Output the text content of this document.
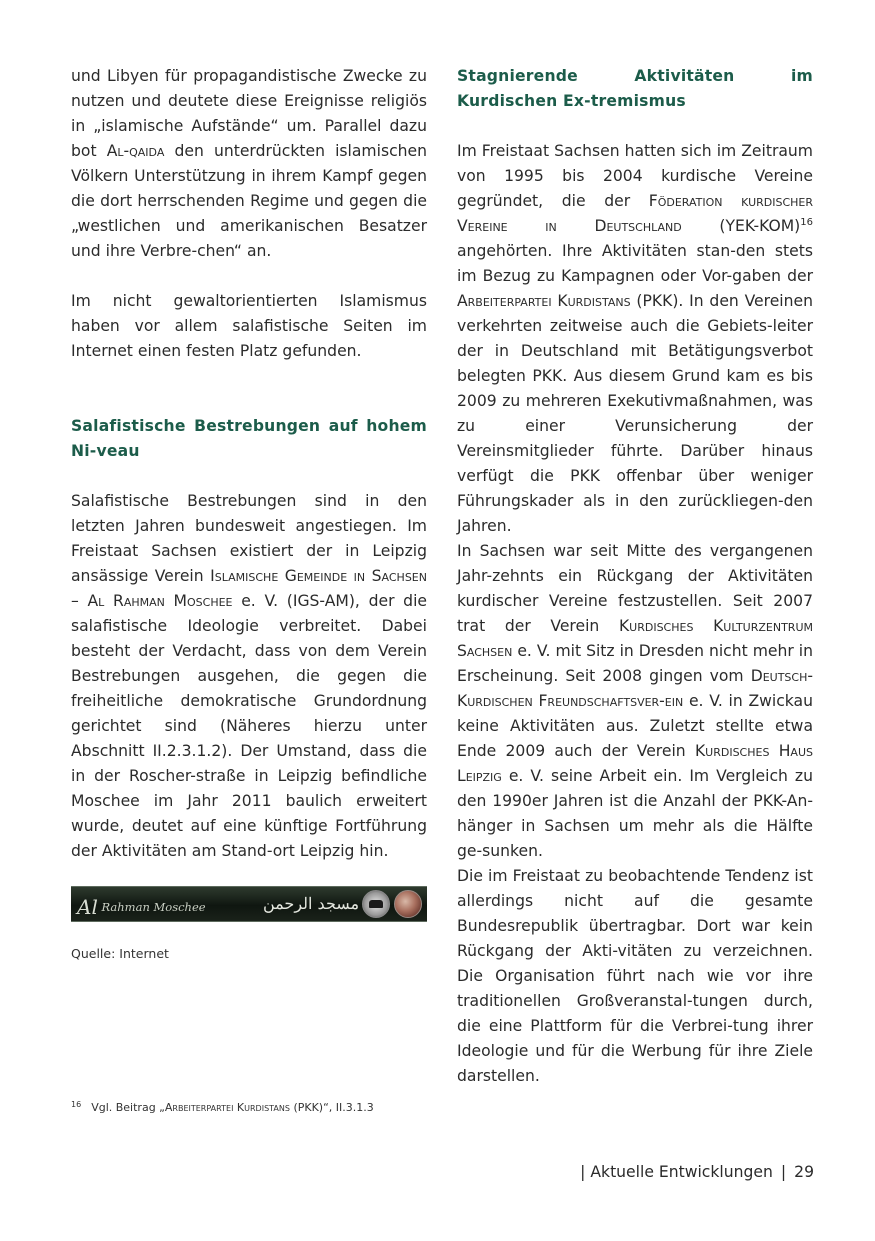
und Libyen für propagandistische Zwecke zu nutzen und deutete diese Ereignisse religiös in „islamische Aufstände“ um. Parallel dazu bot Al-qaida den unterdrückten islamischen Völkern Unterstützung in ihrem Kampf gegen die dort herrschenden Regime und gegen die „westlichen und amerikanischen Besatzer und ihre Verbre-chen“ an.

Im nicht gewaltorientierten Islamismus haben vor allem salafistische Seiten im Internet einen festen Platz gefunden.

Salafistische Bestrebungen auf hohem Ni-veau

Salafistische Bestrebungen sind in den letzten Jahren bundesweit angestiegen. Im Freistaat Sachsen existiert der in Leipzig ansässige Verein Islamische Gemeinde in Sachsen – Al Rahman Moschee e. V. (IGS-AM), der die salafistische Ideologie verbreitet. Dabei besteht der Verdacht, dass von dem Verein Bestrebungen ausgehen, die gegen die freiheitliche demokratische Grundordnung gerichtet sind (Näheres hierzu unter Abschnitt II.2.3.1.2). Der Umstand, dass die in der Roscher-straße in Leipzig befindliche Moschee im Jahr 2011 baulich erweitert wurde, deutet auf eine künftige Fortführung der Aktivitäten am Stand-ort Leipzig hin.

Al Rahman Moschee	مسجد الرحمن
Quelle: Internet
Stagnierende Aktivitäten im Kurdischen Ex-tremismus

Im Freistaat Sachsen hatten sich im Zeitraum von 1995 bis 2004 kurdische Vereine gegründet, die der Föderation kurdischer Vereine in Deutschland $(YEK-KOM)^{16}$ angehörten. Ihre Aktivitäten stan-den stets im Bezug zu Kampagnen oder Vor-gaben der Arbeiterpartei Kurdistans (PKK). In den Vereinen verkehrten zeitweise auch die Gebiets-leiter der in Deutschland mit Betätigungsverbot belegten PKK. Aus diesem Grund kam es bis 2009 zu mehreren Exekutivmaßnahmen, was zu einer Verunsicherung der Vereinsmitglieder führte. Darüber hinaus verfügt die PKK offenbar über weniger Führungskader als in den zurückliegen-den Jahren.

In Sachsen war seit Mitte des vergangenen Jahr-zehnts ein Rückgang der Aktivitäten kurdischer Vereine festzustellen. Seit 2007 trat der Verein Kurdisches Kulturzentrum Sachsen e. V. mit Sitz in Dresden nicht mehr in Erscheinung. Seit 2008 gingen vom Deutsch-Kurdischen Freundschaftsver-ein e. V. in Zwickau keine Aktivitäten aus. Zuletzt stellte etwa Ende 2009 auch der Verein Kurdisches Haus Leipzig e. V. seine Arbeit ein. Im Vergleich zu den 1990er Jahren ist die Anzahl der PKK-An-hänger in Sachsen um mehr als die Hälfte ge-sunken.

Die im Freistaat zu beobachtende Tendenz ist allerdings nicht auf die gesamte Bundesrepublik übertragbar. Dort war kein Rückgang der Akti-vitäten zu verzeichnen. Die Organisation führt nach wie vor ihre traditionellen Großveranstal-tungen durch, die eine Plattform für die Verbrei-tung ihrer Ideologie und für die Werbung für ihre Ziele darstellen.

$^{16}$ Vgl. Beitrag „Arbeiterpartei Kurdistans (PKK)“, II.3.1.3
| Aktuelle Entwicklungen | 29
